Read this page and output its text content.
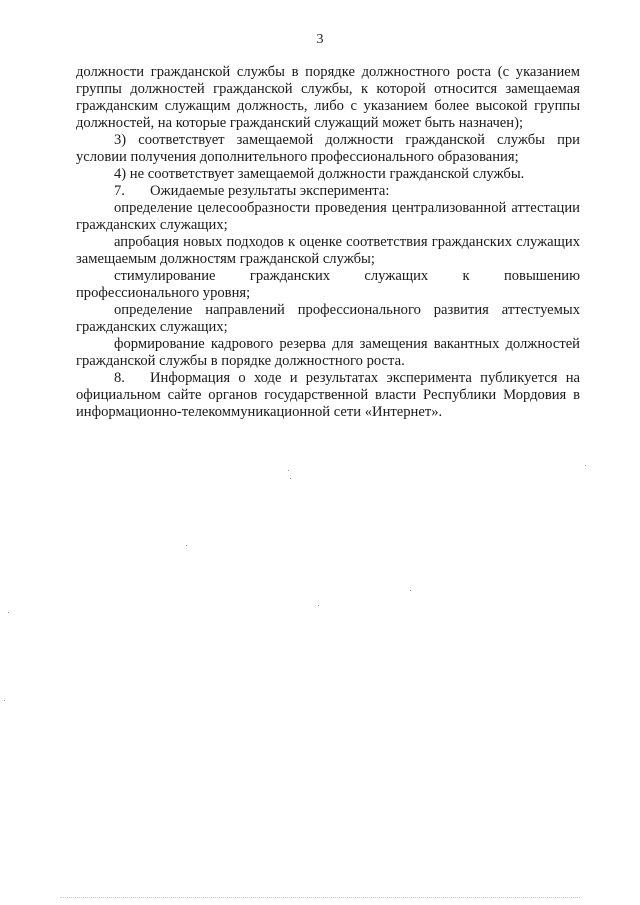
3

должности гражданской службы в порядке должностного роста (с указанием группы должностей гражданской службы, к которой относится замещаемая гражданским служащим должность, либо с указанием более высокой группы должностей, на которые гражданский служащий может быть назначен);

3) соответствует замещаемой должности гражданской службы при условии получения дополнительного профессионального образования;

4) не соответствует замещаемой должности гражданской службы.

7. Ожидаемые результаты эксперимента:

определение целесообразности проведения централизованной аттестации гражданских служащих;

апробация новых подходов к оценке соответствия гражданских служащих замещаемым должностям гражданской службы;

стимулирование гражданских служащих к повышению профессионального уровня;

определение направлений профессионального развития аттестуемых гражданских служащих;

формирование кадрового резерва для замещения вакантных должностей гражданской службы в порядке должностного роста.

8. Информация о ходе и результатах эксперимента публикуется на официальном сайте органов государственной власти Республики Мордовия в информационно-телекоммуникационной сети «Интернет».
